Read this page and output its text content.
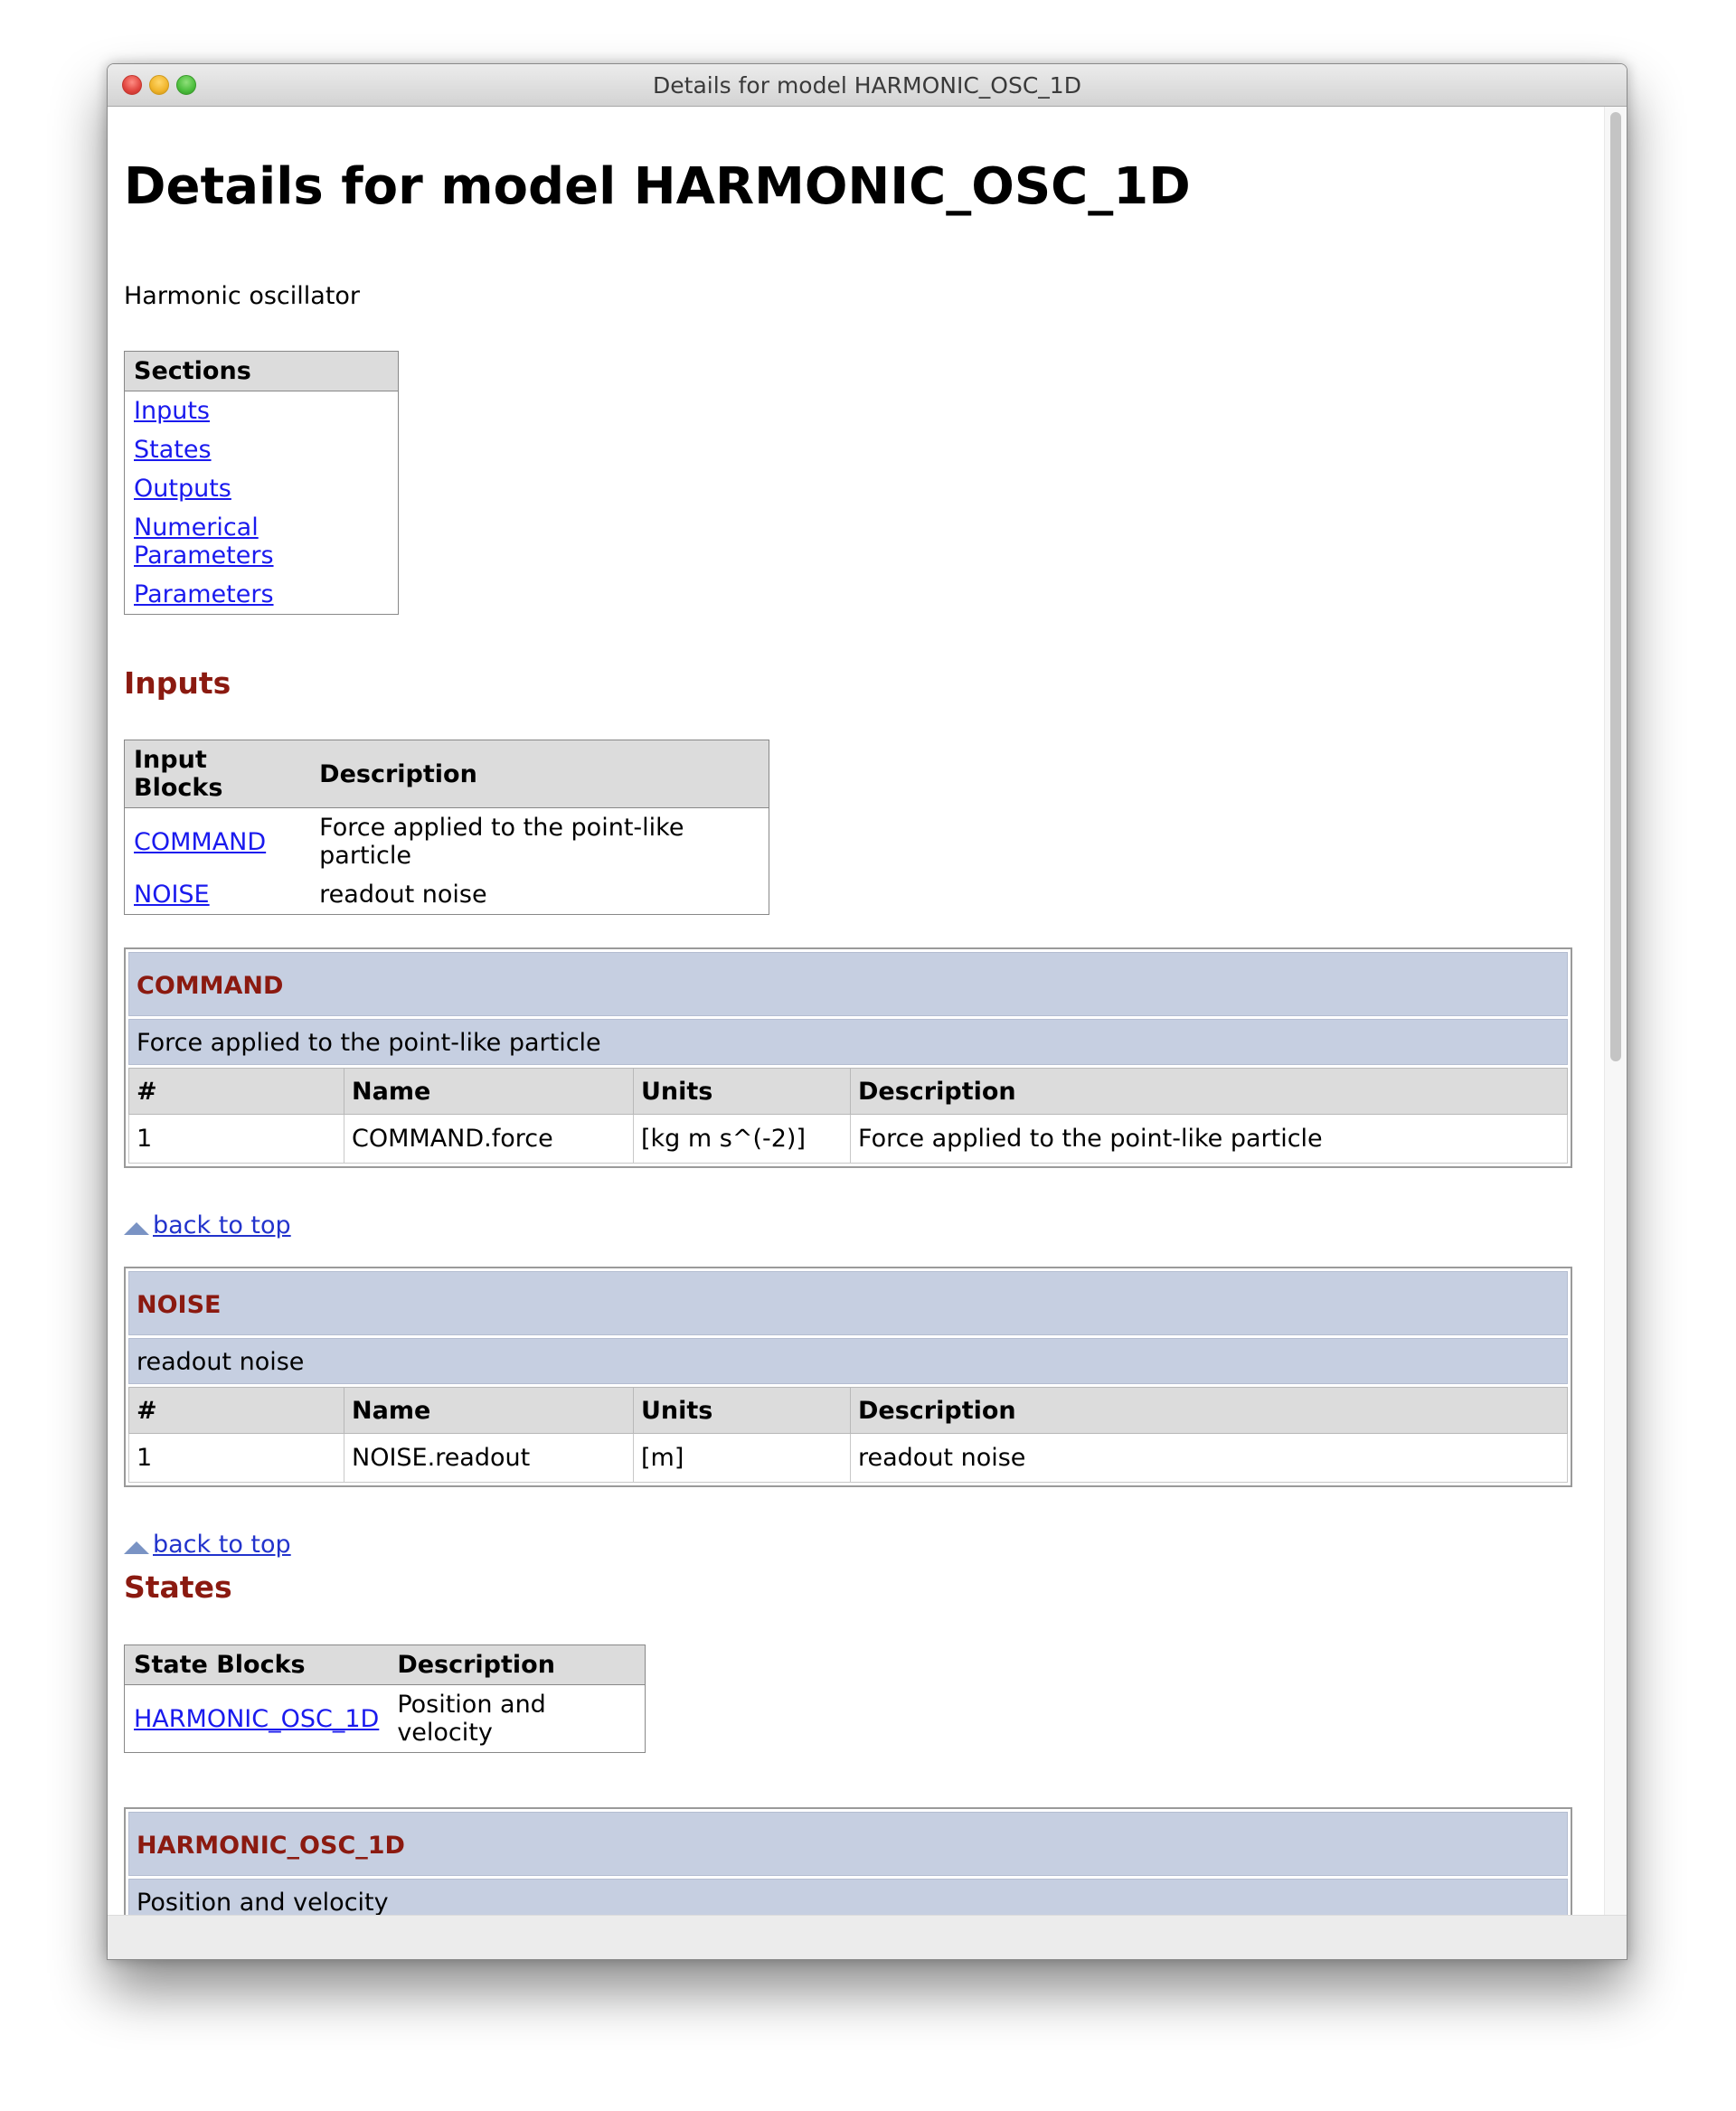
Details for model HARMONIC_OSC_1D
Details for model HARMONIC_OSC_1D
Harmonic oscillator
Sections
Inputs
States
Outputs
Numerical Parameters
Parameters
Inputs
Input Blocks	Description
COMMAND	Force applied to the point-like particle
NOISE	readout noise
COMMAND
Force applied to the point-like particle
#	Name	Units	Description
1	COMMAND.force	[kg m s^(-2)]	Force applied to the point-like particle
back to top
NOISE
readout noise
#	Name	Units	Description
1	NOISE.readout	[m]	readout noise
back to top
States
State Blocks	Description
HARMONIC_OSC_1D	Position and velocity
HARMONIC_OSC_1D
Position and velocity
